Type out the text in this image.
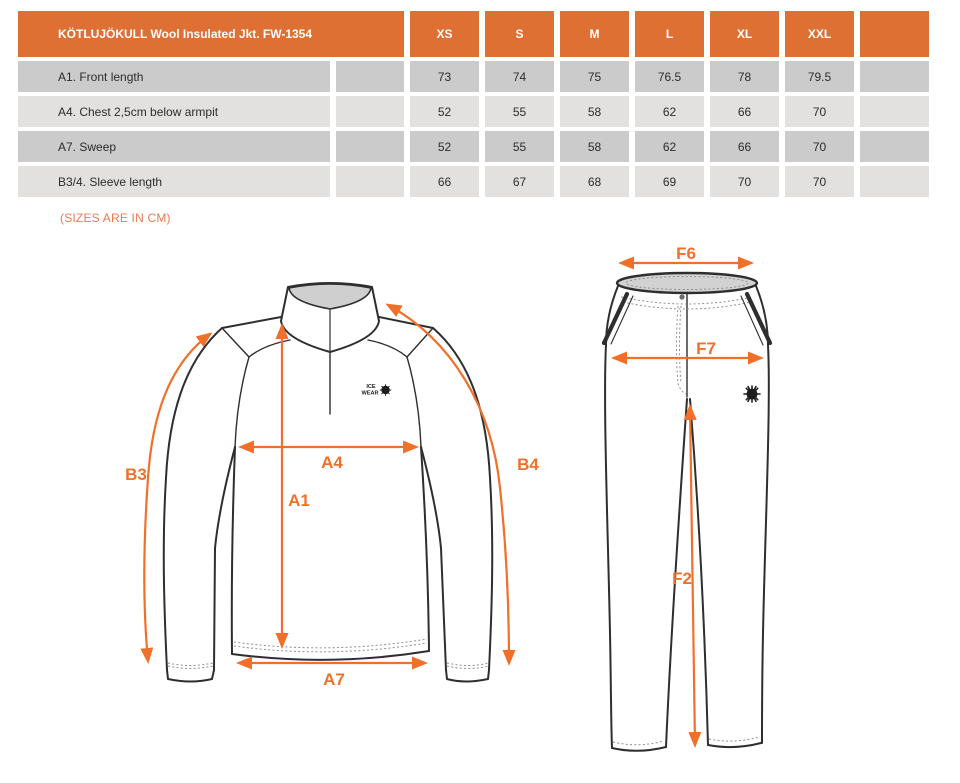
KÖTLUJÖKULL Wool Insulated Jkt. FW-1354	XS	S	M	L	XL	XXL
A1. Front length	73	74	75	76.5	78	79.5
A4. Chest 2,5cm below armpit	52	55	58	62	66	70
A7. Sweep	52	55	58	62	66	70
B3/4. Sleeve length	66	67	68	69	70	70
(SIZES ARE IN CM)
ICE
WEAR
A4
A1
A7
B3
B4
F6
F7
F2
